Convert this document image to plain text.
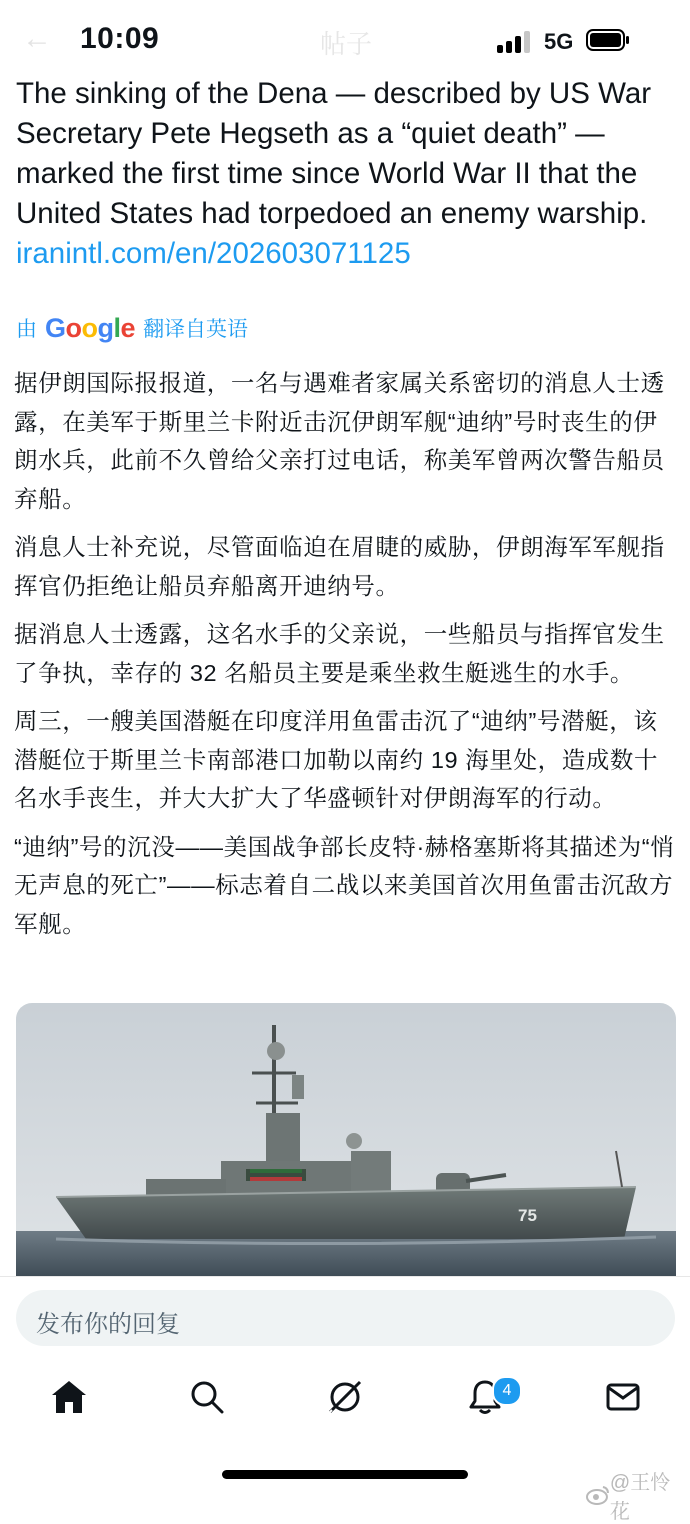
←	帖子
10:09	5G

The sinking of the Dena — described by US War Secretary Pete Hegseth as a “quiet death” — marked the first time since World War II that the United States had torpedoed an enemy warship.
iranintl.com/en/202603071125

由 Google 翻译自英语

据伊朗国际报报道，一名与遇难者家属关系密切的消息人士透露，在美军于斯里兰卡附近击沉伊朗军舰“迪纳”号时丧生的伊朗水兵，此前不久曾给父亲打过电话，称美军曾两次警告船员弃船。

消息人士补充说，尽管面临迫在眉睫的威胁，伊朗海军军舰指挥官仍拒绝让船员弃船离开迪纳号。

据消息人士透露，这名水手的父亲说，一些船员与指挥官发生了争执，幸存的 32 名船员主要是乘坐救生艇逃生的水手。

周三，一艘美国潜艇在印度洋用鱼雷击沉了“迪纳”号潜艇，该潜艇位于斯里兰卡南部港口加勒以南约 19 海里处，造成数十名水手丧生，并大大扩大了华盛顿针对伊朗海军的行动。

“迪纳”号的沉没——美国战争部长皮特·赫格塞斯将其描述为“悄无声息的死亡”——标志着自二战以来美国首次用鱼雷击沉敌方军舰。

75
发布你的回复
4
@王怜花
